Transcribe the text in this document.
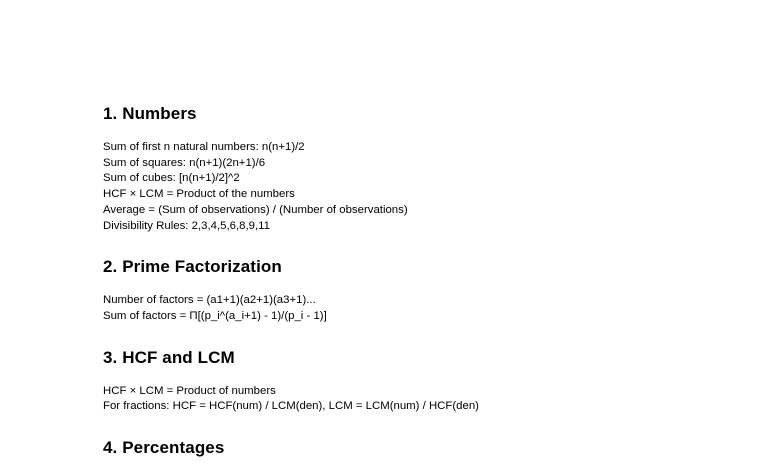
1. Numbers
Sum of first n natural numbers: n(n+1)/2
Sum of squares: n(n+1)(2n+1)/6
Sum of cubes: [n(n+1)/2]^2
HCF × LCM = Product of the numbers
Average = (Sum of observations) / (Number of observations)
Divisibility Rules: 2,3,4,5,6,8,9,11
2. Prime Factorization
Number of factors = (a1+1)(a2+1)(a3+1)...
Sum of factors = Π[(p_i^(a_i+1) - 1)/(p_i - 1)]
3. HCF and LCM
HCF × LCM = Product of numbers
For fractions: HCF = HCF(num) / LCM(den), LCM = LCM(num) / HCF(den)
4. Percentages
